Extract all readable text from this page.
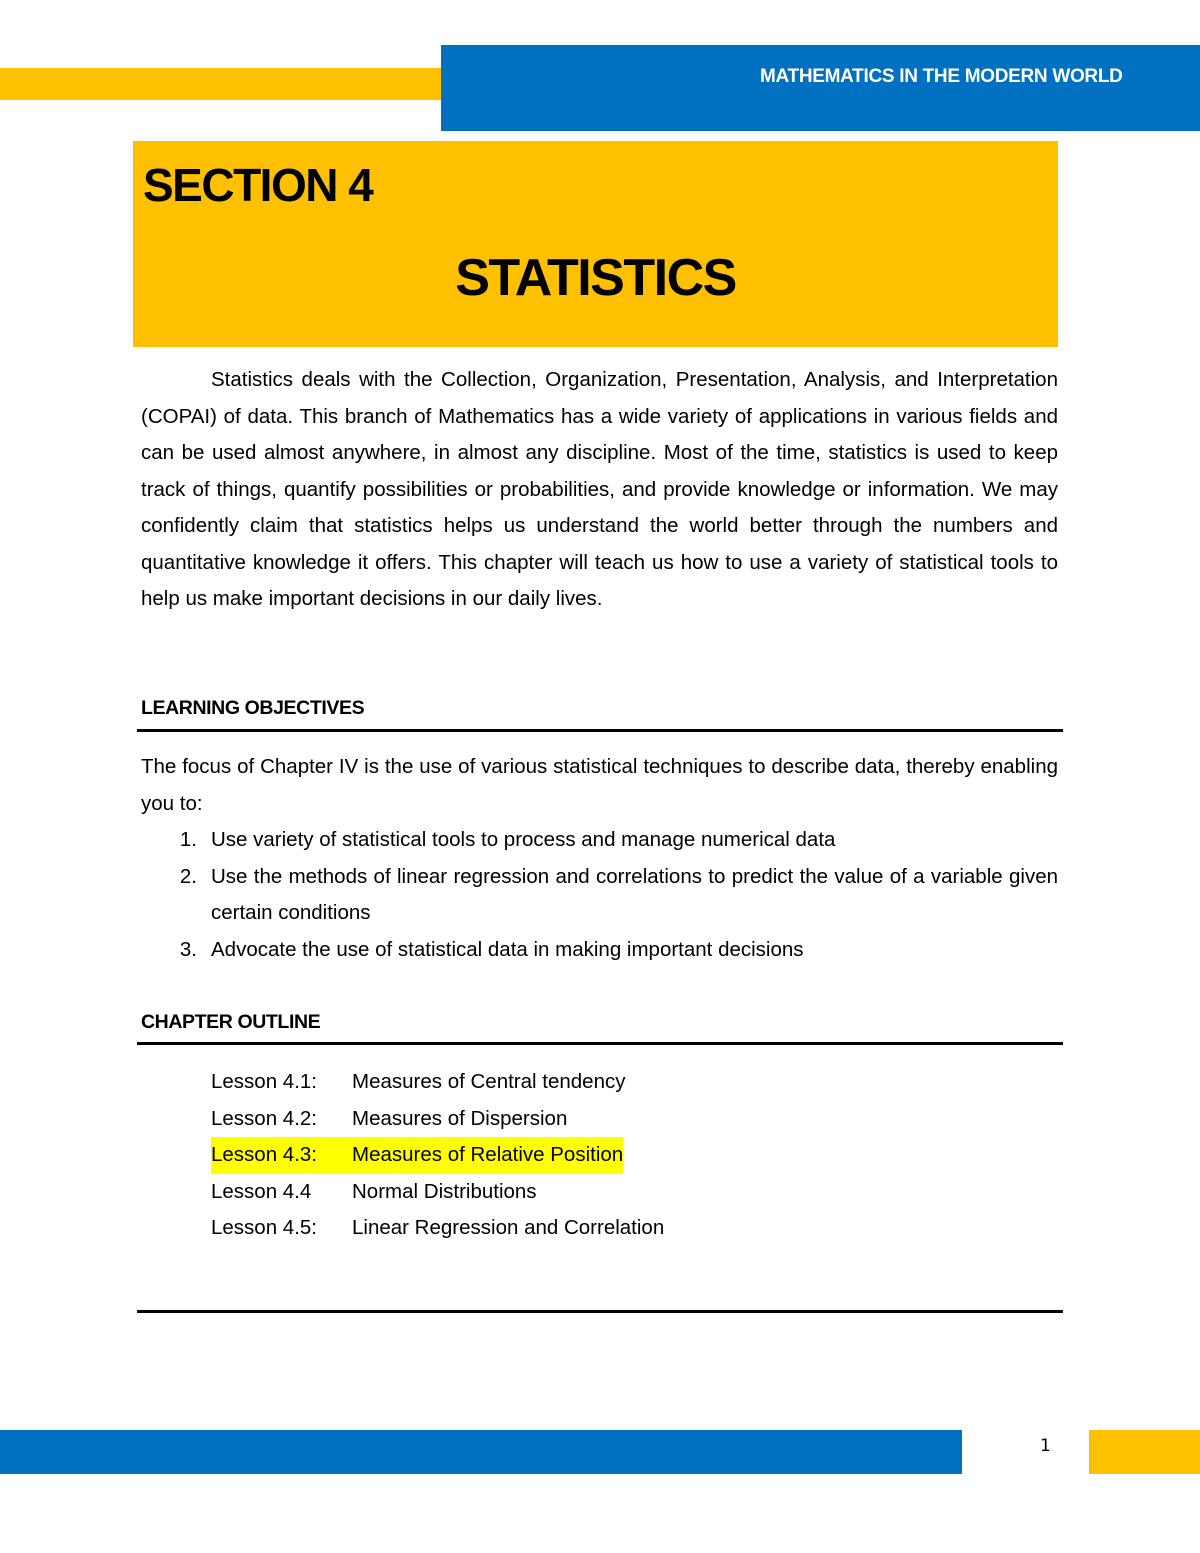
MATHEMATICS IN THE MODERN WORLD
SECTION 4
STATISTICS

Statistics deals with the Collection, Organization, Presentation, Analysis, and Interpretation (COPAI) of data. This branch of Mathematics has a wide variety of applications in various fields and can be used almost anywhere, in almost any discipline. Most of the time, statistics is used to keep track of things, quantify possibilities or probabilities, and provide knowledge or information. We may confidently claim that statistics helps us understand the world better through the numbers and quantitative knowledge it offers. This chapter will teach us how to use a variety of statistical tools to help us make important decisions in our daily lives.

LEARNING OBJECTIVES

The focus of Chapter IV is the use of various statistical techniques to describe data, thereby enabling you to:

1. Use variety of statistical tools to process and manage numerical data
2. Use the methods of linear regression and correlations to predict the value of a variable given certain conditions
3. Advocate the use of statistical data in making important decisions
CHAPTER OUTLINE
Lesson 4.1: Measures of Central tendency
Lesson 4.2: Measures of Dispersion
Lesson 4.3: Measures of Relative Position
Lesson 4.4 Normal Distributions
Lesson 4.5: Linear Regression and Correlation
1
